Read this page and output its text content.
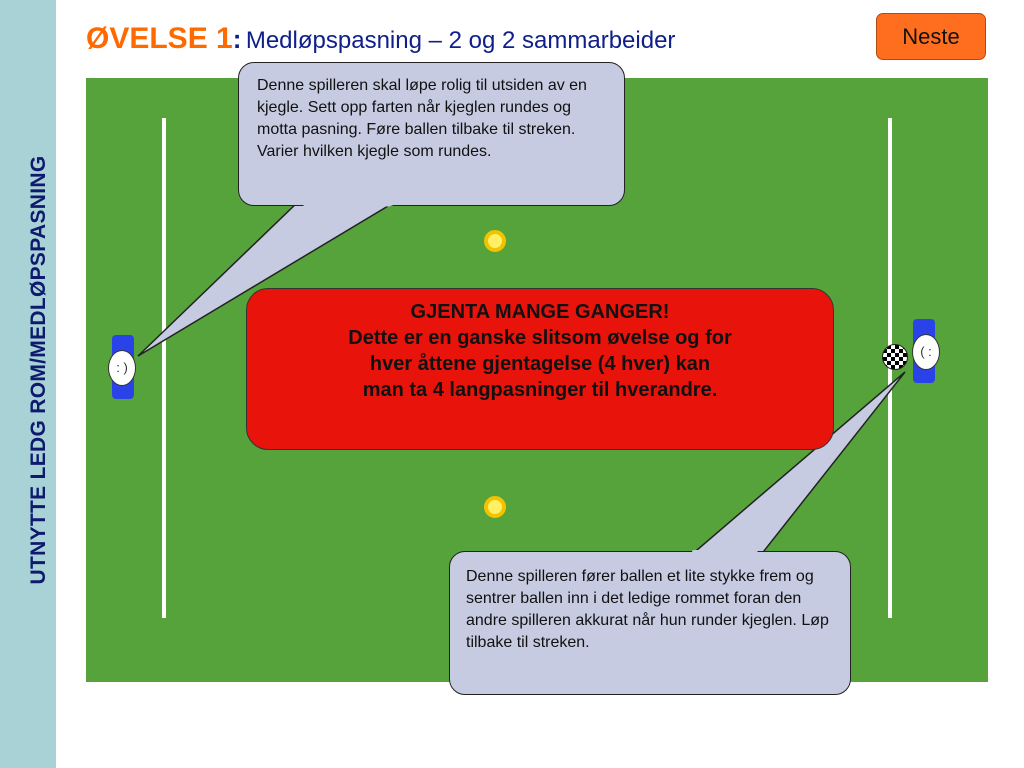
UTNYTTE LEDG ROM/MEDLØPSPASNING
ØVELSE 1: Medløpspasning – 2 og 2 sammarbeider	Neste
: )
( :
Denne spilleren skal løpe rolig til utsiden av en kjegle. Sett opp farten når kjeglen rundes og motta pasning. Føre ballen tilbake til streken. Varier hvilken kjegle som rundes.
Denne spilleren fører ballen et lite stykke frem og sentrer ballen inn i det ledige rommet foran den andre spilleren akkurat når hun runder kjeglen. Løp tilbake til streken.
GJENTA MANGE GANGER!
Dette er en ganske slitsom øvelse og for
hver åttene gjentagelse (4 hver) kan
man ta 4 langpasninger til hverandre.
